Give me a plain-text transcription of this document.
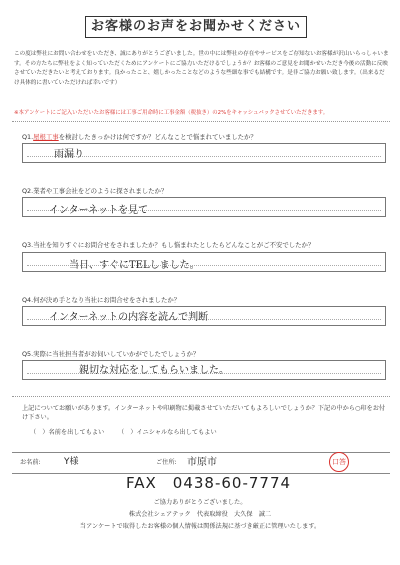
お客様のお声をお聞かせください
この度は弊社にお問い合わせをいただき、誠にありがとうございました。世の中には弊社の存在やサービスをご存知ないお客様が沢山いらっしゃいます。その方たちに弊社をよく知っていただくためにアンケートにご協力いただけるでしょうか？お客様のご意見をお聞かせいただき今後の活動に反映させていただきたいと考えております。良かったこと、嬉しかったことなどのような些細な事でも結構です。是非ご協力お願い致します。（出来るだけ具体的に書いていただければ幸いです）
※本アンケートにご記入いただいたお客様には工事ご用命時に工事金額（税抜き）の2%をキャッシュバックさせていただきます。
Q1.屋根工事を検討したきっかけは何ですか？どんなことで悩まれていましたか？
雨漏り
Q2.業者や工事会社をどのように探されましたか？
インターネットを見て
Q3.当社を知りすぐにお問合せをされましたか？もし悩まれたとしたらどんなことがご不安でしたか？
当日、すぐにTELしました。
Q4.何が決め手となり当社にお問合せをされましたか？
インターネットの内容を読んで判断
Q5.実際に当社担当者がお伺いしていかがでしたでしょうか？
親切な対応をしてもらいました。
上記についてお願いがあります。インターネットや印刷物に掲載させていただいてもよろしいでしょうか？下記の中から○印をお付け下さい。
（　）名前を出してもよい （　）イニシャルなら出してもよい
お名前:	Y様	ご住所: 市原市	口答
FAX　0438-60-7774
ご協力ありがとうございました。
株式会社シェアテック　代表取締役　大久保　誠二
当アンケートで取得したお客様の個人情報は関係法規に基づき厳正に管理いたします。
